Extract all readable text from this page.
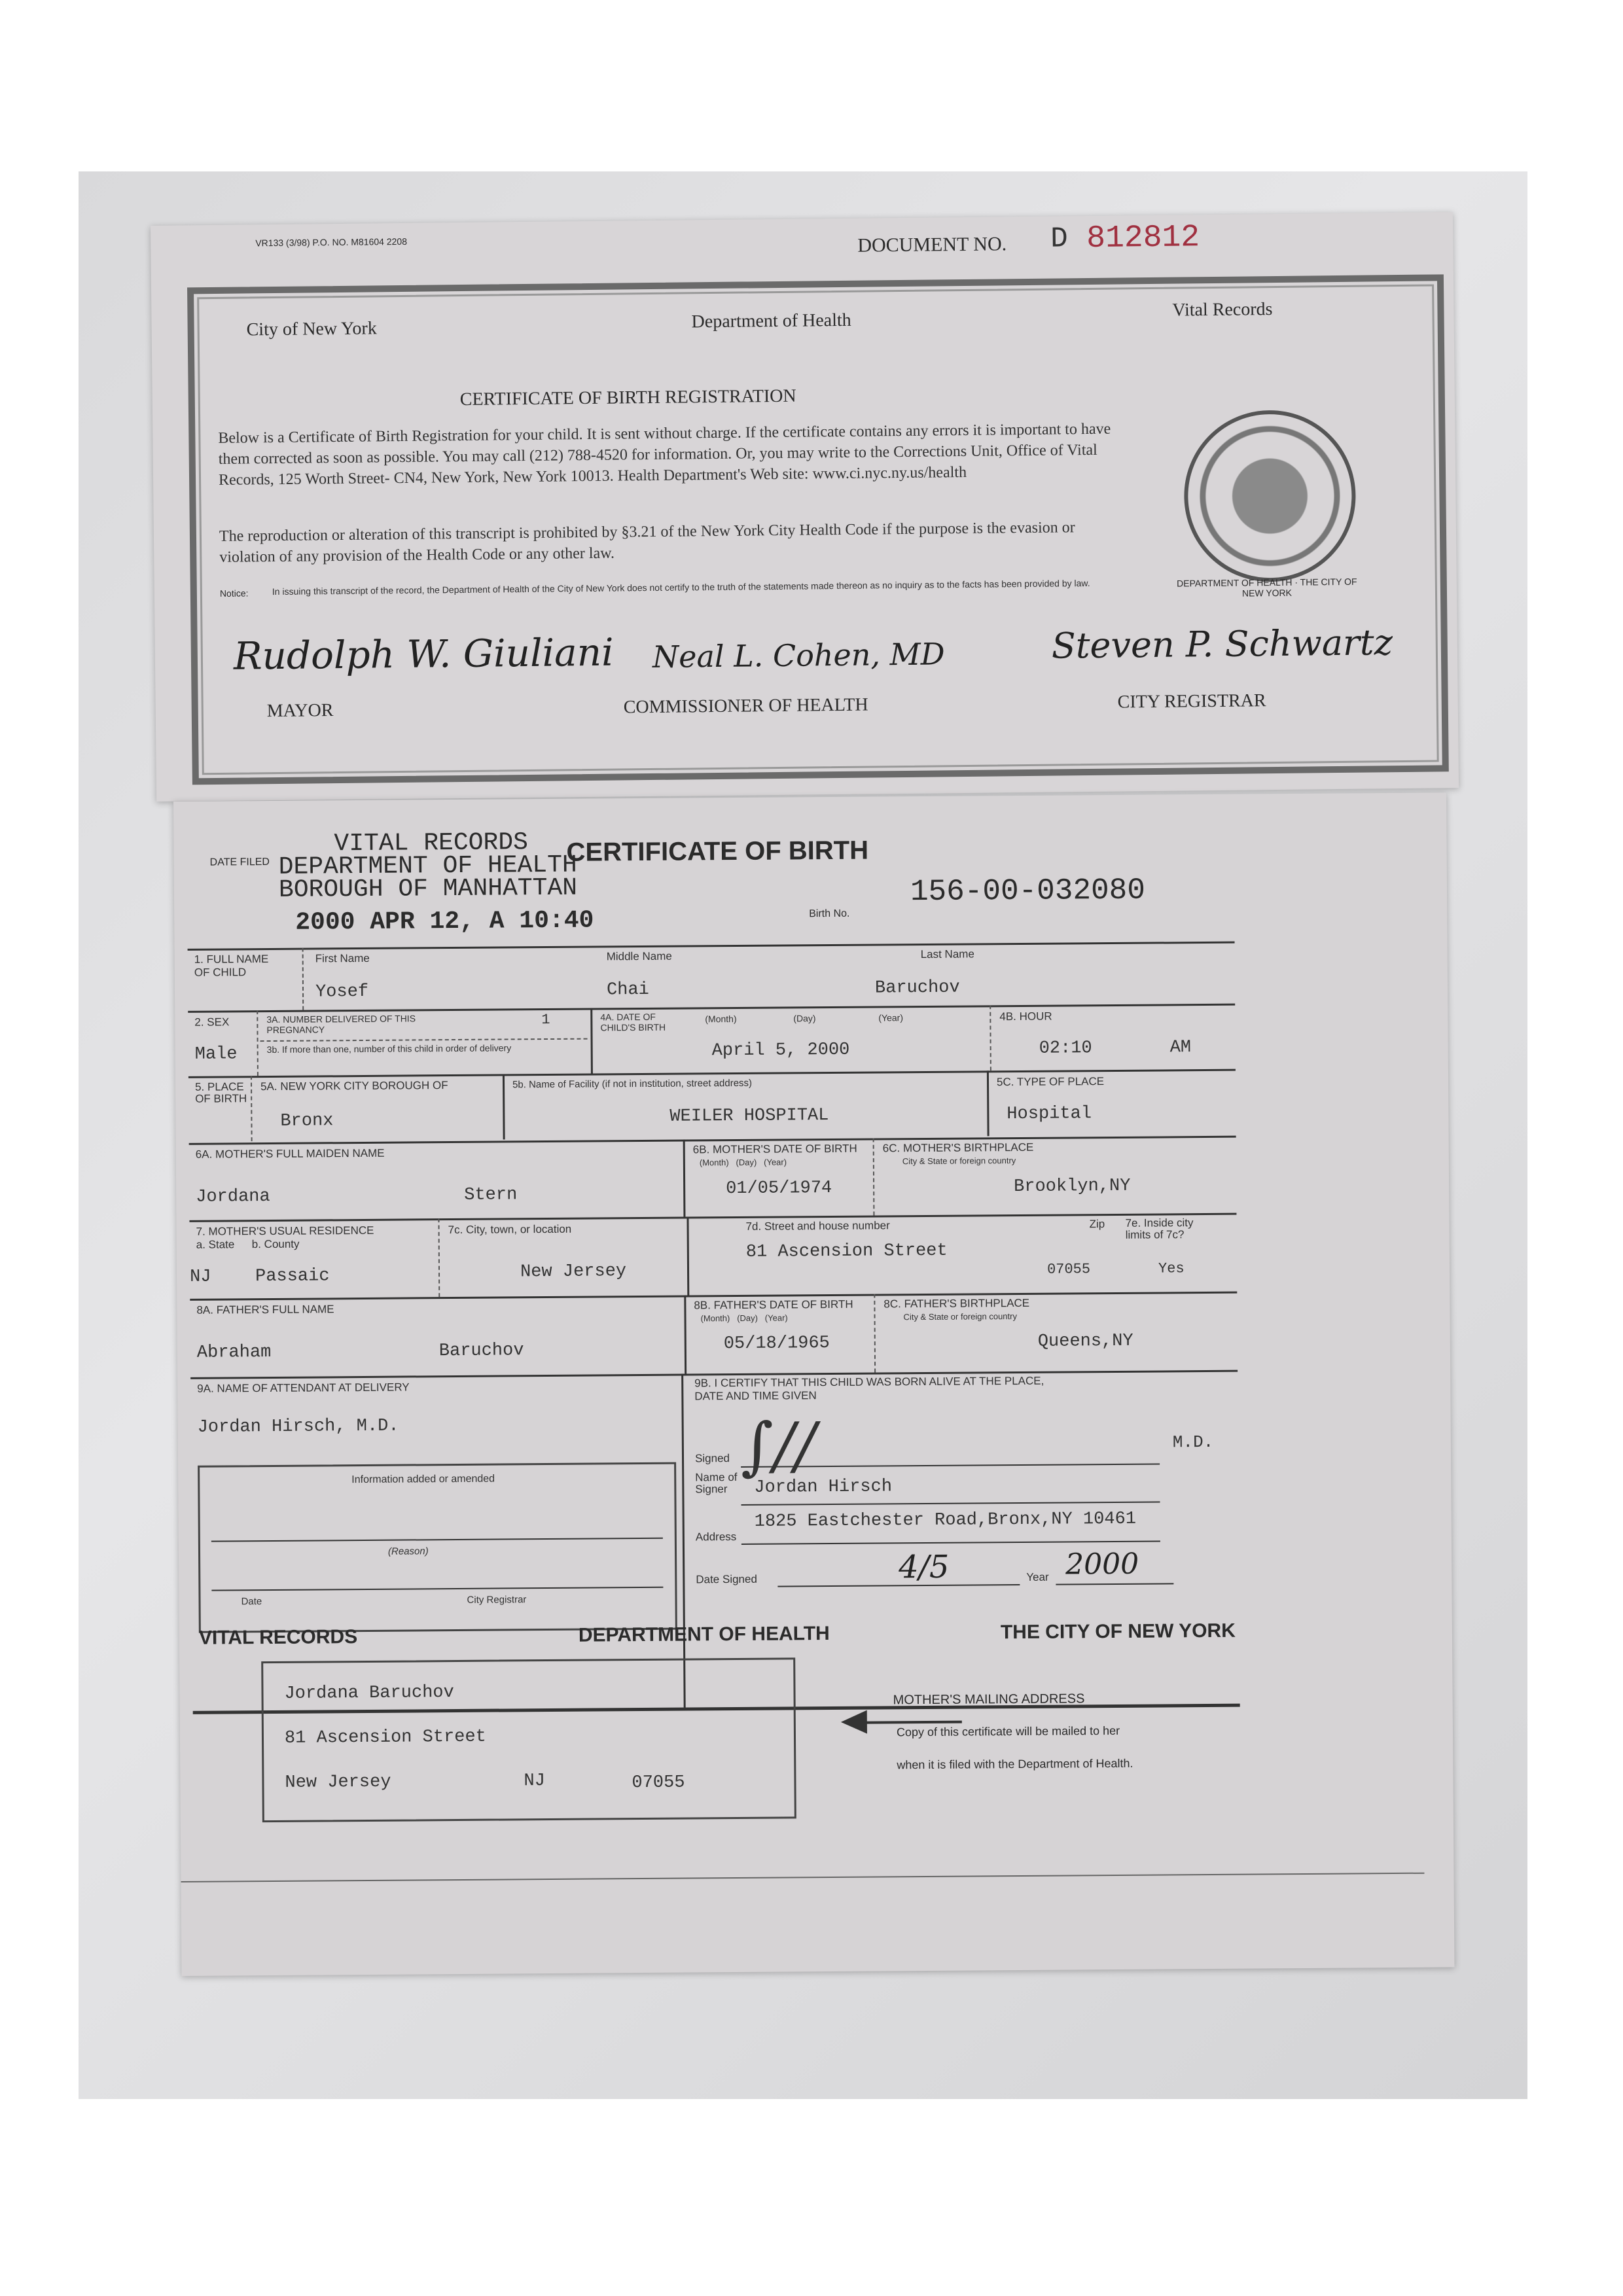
VR133 (3/98) P.O. NO. M81604 2208	DOCUMENT NO. D 812812
City of New York	Department of Health
Vital Records
CERTIFICATE OF BIRTH REGISTRATION
Below is a Certificate of Birth Registration for your child. It is sent without charge. If the certificate contains any errors it is important to have them corrected as soon as possible. You may call (212) 788-4520 for information. Or, you may write to the Corrections Unit, Office of Vital Records, 125 Worth Street- CN4, New York, New York 10013. Health Department's Web site: www.ci.nyc.ny.us/health
The reproduction or alteration of this transcript is prohibited by §3.21 of the New York City Health Code if the purpose is the evasion or violation of any provision of the Health Code or any other law.
Notice:	In issuing this transcript of the record, the Department of Health of the City of New York does not certify to the truth of the statements made thereon as no inquiry as to the facts has been provided by law.	DEPARTMENT OF HEALTH · THE CITY OF NEW YORK
Rudolph W. Giuliani
MAYOR
Neal L. Cohen, MD
COMMISSIONER OF HEALTH
Steven P. Schwartz
CITY REGISTRAR
DATE FILED
VITAL RECORDS
DEPARTMENT OF HEALTH
BOROUGH OF MANHATTAN
2000 APR 12, A 10:40
CERTIFICATE OF BIRTH
156-00-032080
Birth No.
1. FULL NAME OF CHILD
First Name	Middle Name	Last Name
Yosef	Chai	Baruchov
2. SEX
Male
3A. NUMBER DELIVERED OF THIS PREGNANCY
1
3b. If more than one, number of this child in order of delivery
4A. DATE OF CHILD'S BIRTH
(Month)	(Day)	(Year)
April 5, 2000
4B. HOUR
02:10	AM
5. PLACE OF BIRTH
5A. NEW YORK CITY BOROUGH OF
Bronx
5b. Name of Facility (if not in institution, street address)
WEILER HOSPITAL
5C. TYPE OF PLACE
Hospital
6A. MOTHER'S FULL MAIDEN NAME
Jordana	Stern
6B. MOTHER'S DATE OF BIRTH
(Month)   (Day)   (Year)
01/05/1974
6C. MOTHER'S BIRTHPLACE
City & State or foreign country
Brooklyn,NY
7. MOTHER'S USUAL RESIDENCE
a. State b. County
NJ Passaic
7c. City, town, or location
New Jersey
7d. Street and house number
81 Ascension Street
Zip
07055
7e. Inside city limits of 7c?
Yes
8A. FATHER'S FULL NAME
Abraham	Baruchov
8B. FATHER'S DATE OF BIRTH
(Month)   (Day)   (Year)
05/18/1965
8C. FATHER'S BIRTHPLACE
City & State or foreign country
Queens,NY
9A. NAME OF ATTENDANT AT DELIVERY
Jordan Hirsch, M.D.
9B. I CERTIFY THAT THIS CHILD WAS BORN ALIVE AT THE PLACE, DATE AND TIME GIVEN
Signed ∫∕∕	M.D.
Name of Signer	Jordan Hirsch
Address
1825 Eastchester Road,Bronx,NY 10461
Date Signed	4/5	Year 2000
Information added or amended
(Reason)
Date	City Registrar
VITAL RECORDS	DEPARTMENT OF HEALTH	THE CITY OF NEW YORK
Jordana Baruchov
81 Ascension Street
New Jersey	NJ	07055
MOTHER'S MAILING ADDRESS
Copy of this certificate will be mailed to her
when it is filed with the Department of Health.
